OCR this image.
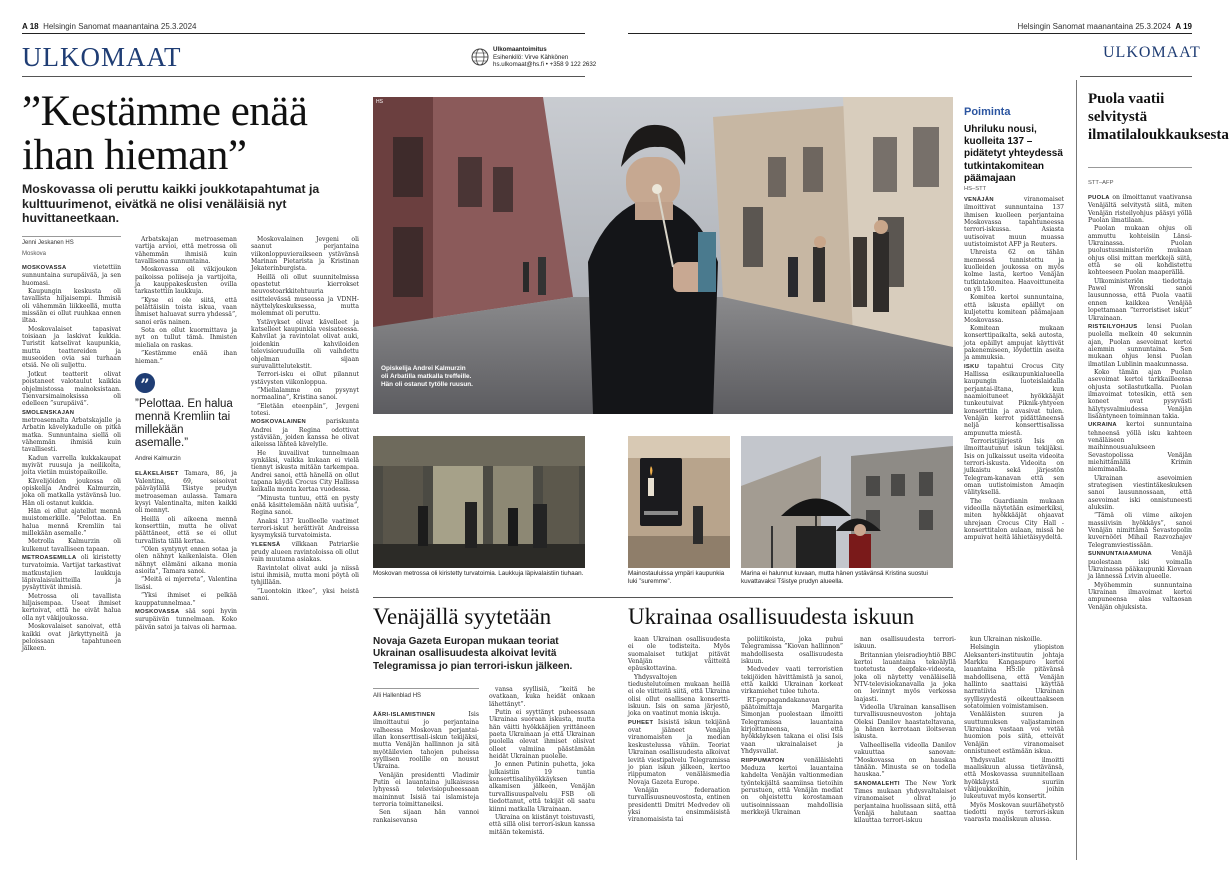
A 18 Helsingin Sanomat maanantaina 25.3.2024
ULKOMAAT	Ulkomaantoimitus
Esihenkilö: Virve Kähkönen
hs.ulkomaat@hs.fi • +358 9 122 2632
Helsingin Sanomat maanantaina 25.3.2024 A 19
ULKOMAAT
”Kestämme enää
ihan hieman”
Moskovassa oli peruttu kaikki joukkotapahtumat ja kulttuurimenot, eivätkä ne olisi venäläisiä nyt huvittaneetkaan.
Jenni Jeskanen HS
Moskova

MOSKOVASSA vietettiin sunnuntaina surupäivää, ja sen huomasi.

Kaupungin keskusta oli tavallista hiljaisempi. Ihmisiä oli vähemmän liikkeellä, mutta missään ei ollut ruuhkaa ennen iltaa.

Moskovalaiset tapasivat toisiaan ja laskivat kukkia. Turistit katselivat kaupunkia, mutta teattereiden ja museoiden ovia sai turhaan etsiä. Ne oli suljettu.

Jotkut teatterit olivat poistaneet valotaulut kaikkia ohjelmistossa mainoksistaan. Tienvarsimainoksissa oli edelleen ”surupäivä”.

SMOLENSKAJAN metroasemalta Arbatskajalle ja Arbatin kävelykadulle on pitkä matka. Sunnuntaina siellä oli vähemmän ihmisiä kuin tavallisesti.

Kadun varrella kukkakaupat myivät ruusuja ja neilikoita, joita vietiin muistopaikoille.

Kävelijöiden joukossa oli opiskelija Andrei Kalmurzin, joka oli matkalla ystävänsä luo. Hän oli ostanut kukkia.

Hän ei ollut ajatellut mennä muistomerkille. ”Pelottaa. En halua mennä Kremliin tai millekään asemalle.”

Metrolla Kalmurzin oli kulkenut tavalliseen tapaan.

METROASEMILLA oli kiristetty turvatoimia. Vartijat tarkastivat matkustajien laukkuja läpivalaisulaitteilla ja pysäyttivät ihmisiä.

Metrossa oli tavallista hiljaisempaa. Useat ihmiset kertoivat, että he eivät halua olla nyt väkijoukossa.

Moskovalaiset sanoivat, että kaikki ovat järkyttyneitä ja peloissaan tapahtuneen jälkeen.

Arbatskajan metroaseman vartija arvioi, että metrossa oli vähemmän ihmisiä kuin tavallisena sunnuntaina.

Moskovassa oli väkijoukon paikoissa poliiseja ja vartijoita, ja kauppakeskusten ovilla tarkastettiin laukkuja.

”Kyse ei ole siitä, että pelättäisiin toista iskua, vaan ihmiset haluavat surra yhdessä”, sanoi eräs nainen.

Sota on ollut kuormittava ja nyt on tullut tämä. Ihmisten mieliala on raskas.

”Kestämme enää ihan hieman.”

”
”Pelottaa. En halua mennä Kremliin tai millekään asemalle.”
Andrei Kalmurzin

ELÄKELÄISET Tamara, 86, ja Valentina, 69, seisoivat pääväylällä Tšistye prudyn metroaseman aulassa. Tamara kysyi Valentinalta, miten kaikki oli mennyt.

Heillä oli aikeena mennä konserttiin, mutta he olivat päättäneet, että se ei ollut turvallista tällä kertaa.

”Olen syntynyt ennen sotaa ja olen nähnyt kaikenlaista. Olen nähnyt elämäni aikana monia asioita”, Tamara sanoi.

”Meitä ei mjerreta”, Valentina lisäsi.

”Yksi ihmiset ei pelkää kauppatunnelmaa.”

MOSKOVASSA sää sopi hyvin surupäivän tunnelmaan. Koko päivän satoi ja taivas oli harmaa.

Moskovalainen Jevgeni oli saanut perjantaina viikonloppuvieraikseen ystävänsä Marinan Pietarista ja Kristinan Jekaterinburgista.

Heillä oli ollut suunnitelmissa opastetut kierrokset neuvostoarkkitehtuuria esittelevässä museossa ja VDNH-näyttelykeskuksessa, mutta molemmat oli peruttu.

Ystävykset olivat kävelleet ja katselleet kaupunkia vesisateessa. Kahvilat ja ravintolat olivat auki, joidenkin kahviloiden televisioruuduilla oli vaihdettu ohjelman sijaan suruvalittelutekstit.

Terrori-isku ei ollut pilannut ystävysten viikonloppua.

”Mielialamme on pysynyt normaalina”, Kristina sanoi.

”Eletään eteenpäin”, Jevgeni totesi.

MOSKOVALAINEN pariskunta Andrei ja Regina odottivat ystäviään, joiden kanssa he olivat aikeissa lähteä kävelylle.

He kuvailivat tunnelmaan synkäksi, vaikka kukaan ei vielä tiennyt iskusta mitään tarkempaa. Andrei sanoi, että hänellä on ollut tapana käydä Crocus City Hallissa keikalla monta kertaa vuodessa.

”Minusta tuntuu, että en pysty enää käsittelemään näitä uutisia”, Regina sanoi.

Anaksi 137 kuolleelle vaatimet terrori-iskut herättivät Andreissa kysymyksiä turvatoimista.

YLEENSÄ vilkkaan Patriaršie prudy alueen ravintoloissa oli ollut vain muutama asiakas.

Ravintolat olivat auki ja niissä istui ihmisiä, mutta moni pöytä oli tyhjillään.

”Luontokin itkee”, yksi heistä sanoi.

HS
Opiskelija Andrei Kalmurzin oli Arbatilla matkalla treffeille. Hän oli ostanut tytölle ruusun.
Moskovan metrossa oli kiristetty turvatoimia. Laukkuja läpivalaistiin tiuhaan.	Mainostauluissa ympäri kaupunkia luki ”suremme”.
Marina ei halunnut kuvaan, mutta hänen ystävänsä Kristina suostui kuvattavaksi Tšistye prudyn alueella.
Poiminta
Uhriluku nousi, kuolleita 137 – pidätetyt yhteydessä tutkintakomitean päämajaan
HS–STT

VENÄJÄN viranomaiset ilmoittivat sunnuntaina 137 ihmisen kuolleen perjantaina Moskovassa tapahtuneessa terrori-iskussa. Asiasta uutisoivat muun muassa uutistoimistot AFP ja Reuters.

Uhreista 62 on tähän mennessä tunnistettu ja kuolleiden joukossa on myös kolme lasta, kertoo Venäjän tutkintakomitea. Haavoittuneita on yli 150.

Komitea kertoi sunnuntaina, että iskusta epäillyt on kuljetettu komitean päämajaan Moskovassa.

Komitean mukaan konserttipaikalta, sekä autosta, jota epäillyt ampujat käyttivät pakenemiseen, löydettiin aseita ja ammuksia.

ISKU tapahtui Crocus City Hallissa esikaupunkialueella kaupungin luoteislaidalla perjantai-iltana, kun naamioituneet hyökkääjät tunkeutuivat Piknik-yhtyeen konserttiin ja avasivat tulen. Venäjän kerrot pidättäneensä neljä konserttisalissa ampunutta miestä.

Terroristijärjestö Isis on ilmoittautunut iskun tekijäksi. Isis on julkaissut useita videoita terrori-iskusta. Videoita on julkaistu sekä järjestön Telegram-kanavan että sen oman uutistoimiston Amaqin välityksellä.

The Guardianin mukaan videoilla näytetään esimerkiksi, miten hyökkääjät ohjaavat uhrejaan Crocus City Hall -konserttitalon aulaan, missä he ampuivat heitä lähietäisyydeltä.

Puola vaatii selvitystä ilmatilaloukkauksesta
STT–AFP

PUOLA on ilmoittanut vaativansa Venäjältä selvitystä siitä, miten Venäjän risteilyohjus pääsyi yöllä Puolan ilmatilaan.

Puolan mukaan ohjus oli ammuttu kohteisiin Länsi-Ukrainassa. Puolan puolustusministeriön mukaan ohjus olisi mittan merkkejä siitä, että se oli kohdistettu kohteeseen Puolan maaperällä.

Ulkoministeriön tiedottaja Pawel Wronski sanoi lausunnossa, että Puola vaatii ennen kaikkea Venäjää lopettamaan ”terroristiset iskut” Ukrainaan.

RISTEILYOHJUS lensi Puolan puolella melkein 40 sekunnin ajan, Puolan asevoimat kertoi aiemmin sunnuntaina. Sen mukaan ohjus lensi Puolan ilmatilan Lublinin maakunnassa.

Koko tämän ajan Puolan asevoimat kertoi tarkkailleensa ohjusta sotilastutkalla. Puolan ilmavoimat totesikin, että sen koneet ovat pysyvästi hälytysvalmiudessa Venäjän lisääntyneen toiminnan takia.

UKRAINA kertoi sunnuntaina tehneensä yöllä isku kahteen venäläiseen maihinnousualukseen Sevastopolissa Venäjän miehittämällä Krimin niemimaalla.

Ukrainan asevoimien strategisen viestintäkeskuksen sanoi lausunnossaan, että asevoimat iski onnistuneesti aluksiin.

”Tämä oli viime aikojen massiivisin hyökkäys”, sanoi Venäjän nimittämä Sevastopolin kuvernööri Mihail Razvozhajev Telegramviestissään.

SUNNUNTAIAAMUNA Venäjä puolestaan iski voimalla Ukrainassa pääkaupunki Kiovaan ja lännessä Lvivin alueelle.

Myöhemmin sunnuntaina Ukrainan ilmavoimat kertoi ampuneensa alas valtaosan Venäjän ohjuksista.

Venäjällä syytetään
Novaja Gazeta Europan mukaan teoriat Ukrainan osallisuudesta alkoivat levitä Telegramissa jo pian terrori-iskun jälkeen.
Alli Hallenblad HS

ÄÄRI-ISLAMISTINEN Isis ilmoittautui jo perjantaina valheessa Moskovan perjantai-illan konserttisali-iskun tekijäksi, mutta Venäjän hallinnon ja sitä myötäilevien tahojen puheissa syyllisen roolille on nousut Ukraina.

Venäjän presidentti Vladimir Putin ei lauantaina julkaisussa lyhyessä televisiopuheessaan maininnut Isisiä tai islamisteja terroria toimittaneiksi.

Sen sijaan hän vannoi rankaisevansa

vansa syyllisiä, ”keitä he ovatkaan, kuka heidät onkaan lähettänyt”.

Putin ei syyttänyt puheessaan Ukrainaa suoraan iskusta, mutta hän väitti hyökkääjien yrittäneen paeta Ukrainaan ja että Ukrainan puolella olevat ihmiset olisivat olleet valmiina päästämään heidät Ukrainan puolelle.

Jo ennen Putinin puhetta, joka julkaistiin 19 tuntia konserttisalihyökkäyksen alkamisen jälkeen, Venäjän turvallisuuspalvelu FSB oli tiedottanut, että tekijät oli saatu kiinni matkalla Ukrainaan.

Ukraina on kiistänyt toistuvasti, että sillä olisi terrori-iskun kanssa mitään tekemistä.

Ukrainaa osallisuudesta iskuun

kaan Ukrainan osallisuudesta ei ole todisteita. Myös suomalaiset tutkijat pitävät Venäjän väitteitä epäuskottavina.

Yhdysvaltojen tiedustelutoimen mukaan heillä ei ole viitteitä siitä, että Ukraina olisi ollut osallisena konsertti-iskuun. Isis on sama järjestö, joka on vaatinut monia iskuja.

PUHEET Isisistä iskun tekijänä ovat jääneet Venäjän viranomaisten ja median keskustelussa vähiin. Teoriat Ukrainan osallisuudesta alkoivat levitä viestipalvelu Telegramissa jo pian iskun jälkeen, kertoo riippumaton venäläismedia Novaja Gazeta Europe.

Venäjän federaation turvallisuusneuvostosta, entinen presidentti Dmitri Medvedev oli yksi ensimmäisistä viranomaisista tai

poliitikoista, joka puhui Telegramissa ”Kiovan hallinnon” mahdollisesta osallisuudesta iskuun.

Medvedev vaati terroristien tekijöiden hävittämistä ja sanoi, että kaikki Ukrainan korkeat virkamiehet tulee tuhota.

RT-propagandakanavan päätoimittaja Margarita Simonjan puolestaan ilmoitti Telegramissa lauantaina kirjoittaneensa, että hyökkäyksen takana ei olisi Isis vaan ukrainalaiset ja Yhdysvallat.

RIIPPUMATON venäläislehti Meduza kertoi lauantaina kahdelta Venäjän valtionmedian työntekijältä saamiinsa tietoihin perustuen, että Venäjän mediat on ohjeistettu korostamaan uutisoinnissaan mahdollisia merkkejä Ukrainan

nan osallisuudesta terrori-iskuun.

Britannian yleisradioyhtiö BBC kertoi lauantaina tekoälyllä tuotetusta deepfake-videosta, joka oli näytetty venäläisellä NTV-televisiokanavalla ja joka on levinnyt myös verkossa laajasti.

Videolla Ukrainan kansallisen turvallisuusneuvoston johtaja Oleksi Danilov haastateltavana, ja hänen kerrotaan iloitsevan iskusta.

Valheellisella videolla Danilov vakuuttaa sanovan: ”Moskovassa on hauskaa tänään. Minusta se on todella hauskaa.”

SANOMALEHTI The New York Times mukaan yhdysvaltalaiset viranomaiset olivat jo perjantaina huolissaan siitä, että Venäjä halutaan saattaa kilauttaa terrori-iskuu

kun Ukrainan niskoille.

Helsingin yliopiston Aleksanteri-instituutin johtaja Markku Kangaspuro kertoi lauantaina HS:lle pitävänsä mahdollisena, että Venäjän hallinto saattaisi käyttää narratiivia Ukrainan syyllisyydestä oikeuttaakseen sotatoimien voimistamisen.

Venäläisten suuren ja suuttumuksen valjastaminen Ukrainaa vastaan voi vetää huomion pois siitä, etteivät Venäjän viranomaiset onnistuneet estämään iskua.

Yhdysvallat ilmoitti maaliskuun alussa tietävänsä, että Moskovassa suunnitellaan hyökkäystä suuriin väkijoukkoihin, joihin lukeutuvat myös konsertit.

Myös Moskovan suurlähetystö tiedotti myös terrori-iskun vaarasta maaliskuun alussa.
